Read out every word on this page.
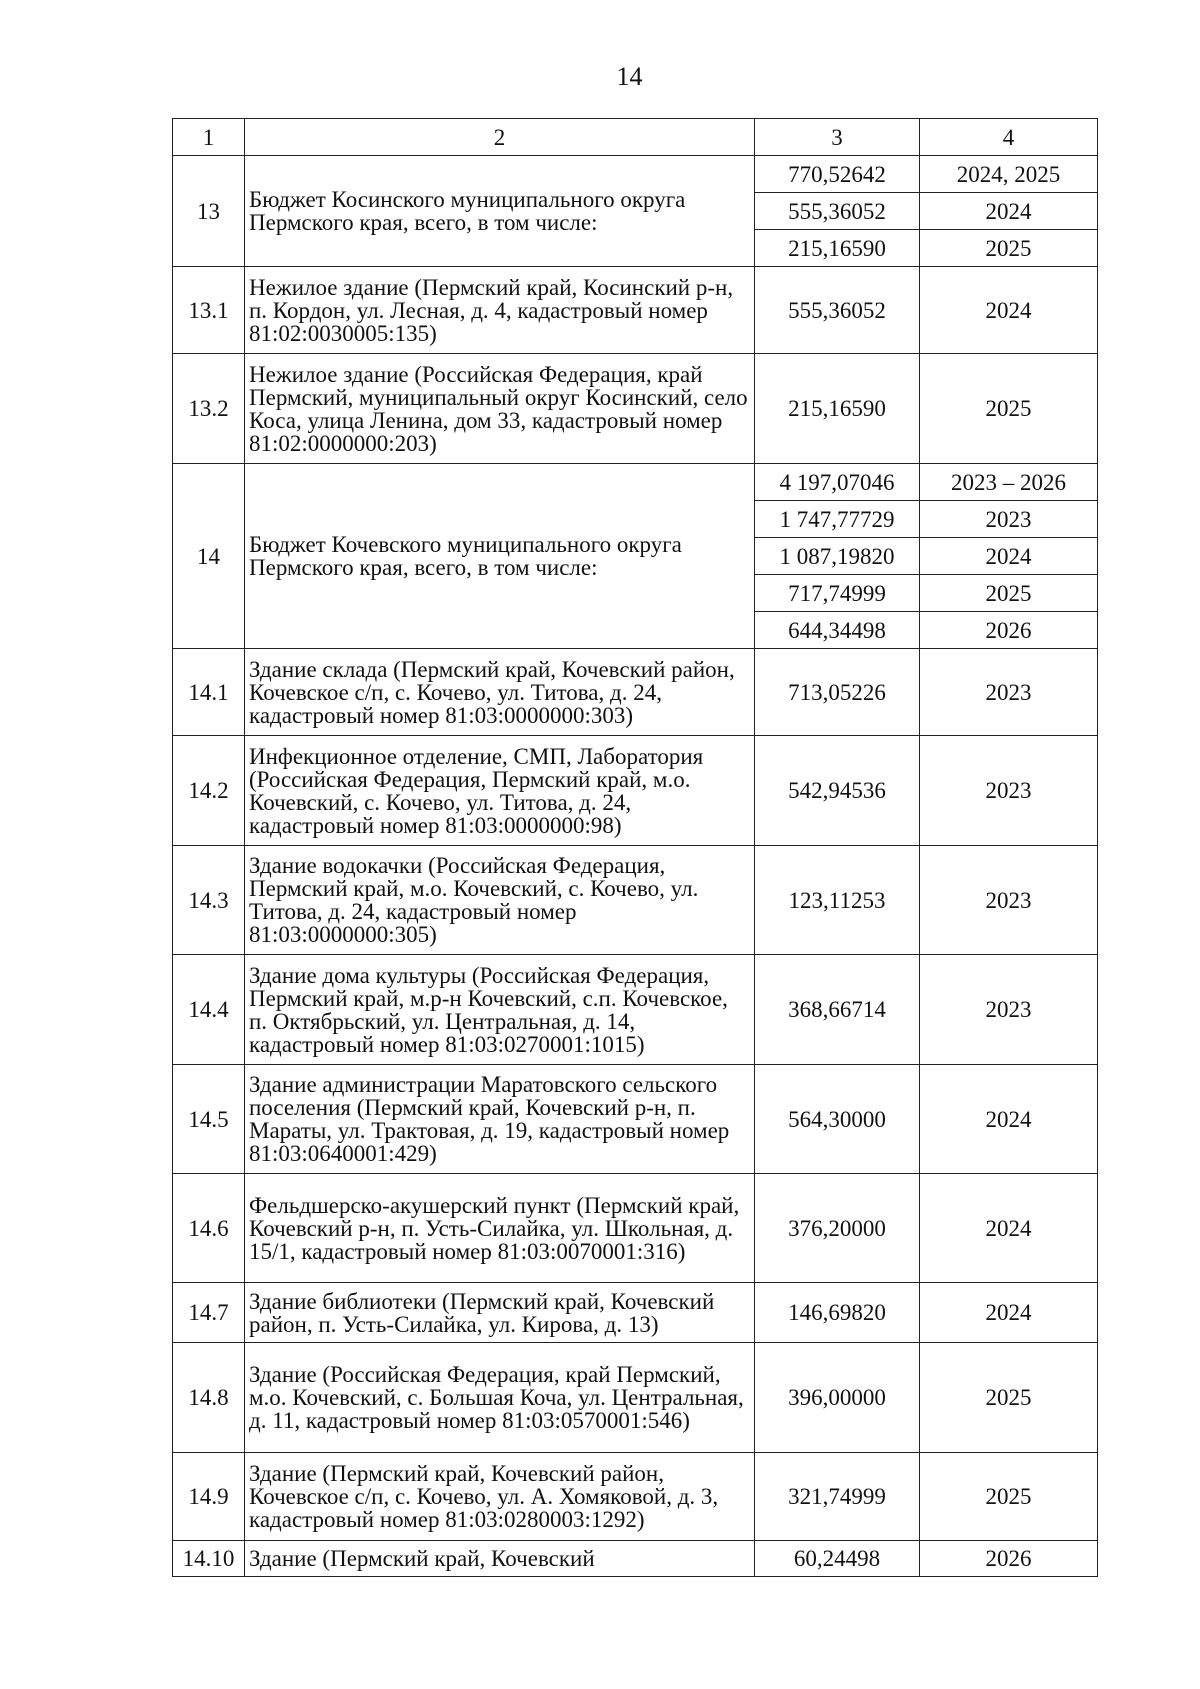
14
1	2	3	4
13	Бюджет Косинского муниципального округа Пермского края, всего, в том числе:	770,52642	2024, 2025
		555,36052	2024
		215,16590	2025
13.1	Нежилое здание (Пермский край, Косинский р-н, п. Кордон, ул. Лесная, д. 4, кадастровый номер 81:02:0030005:135)	555,36052	2024
13.2	Нежилое здание (Российская Федерация, край Пермский, муниципальный округ Косинский, село Коса, улица Ленина, дом 33, кадастровый номер 81:02:0000000:203)	215,16590	2025
14	Бюджет Кочевского муниципального округа Пермского края, всего, в том числе:	4 197,07046	2023 – 2026
		1 747,77729	2023
		1 087,19820	2024
		717,74999	2025
		644,34498	2026
14.1	Здание склада (Пермский край, Кочевский район, Кочевское с/п, с. Кочево, ул. Титова, д. 24, кадастровый номер 81:03:0000000:303)	713,05226	2023
14.2	Инфекционное отделение, СМП, Лаборатория (Российская Федерация, Пермский край, м.о. Кочевский, с. Кочево, ул. Титова, д. 24, кадастровый номер 81:03:0000000:98)	542,94536	2023
14.3	Здание водокачки (Российская Федерация, Пермский край, м.о. Кочевский, с. Кочево, ул. Титова, д. 24, кадастровый номер 81:03:0000000:305)	123,11253	2023
14.4	Здание дома культуры (Российская Федерация, Пермский край, м.р-н Кочевский, с.п. Кочевское, п. Октябрьский, ул. Центральная, д. 14, кадастровый номер 81:03:0270001:1015)	368,66714	2023
14.5	Здание администрации Маратовского сельского поселения (Пермский край, Кочевский р-н, п. Мараты, ул. Трактовая, д. 19, кадастровый номер 81:03:0640001:429)	564,30000	2024
14.6	Фельдшерско-акушерский пункт (Пермский край, Кочевский р-н, п. Усть-Силайка, ул. Школьная, д. 15/1, кадастровый номер 81:03:0070001:316)	376,20000	2024
14.7	Здание библиотеки (Пермский край, Кочевский район, п. Усть-Силайка, ул. Кирова, д. 13)	146,69820	2024
14.8	Здание (Российская Федерация, край Пермский, м.о. Кочевский, с. Большая Коча, ул. Центральная, д. 11, кадастровый номер 81:03:0570001:546)	396,00000	2025
14.9	Здание (Пермский край, Кочевский район, Кочевское с/п, с. Кочево, ул. А. Хомяковой, д. 3, кадастровый номер 81:03:0280003:1292)	321,74999	2025
14.10	Здание (Пермский край, Кочевский	60,24498	2026
